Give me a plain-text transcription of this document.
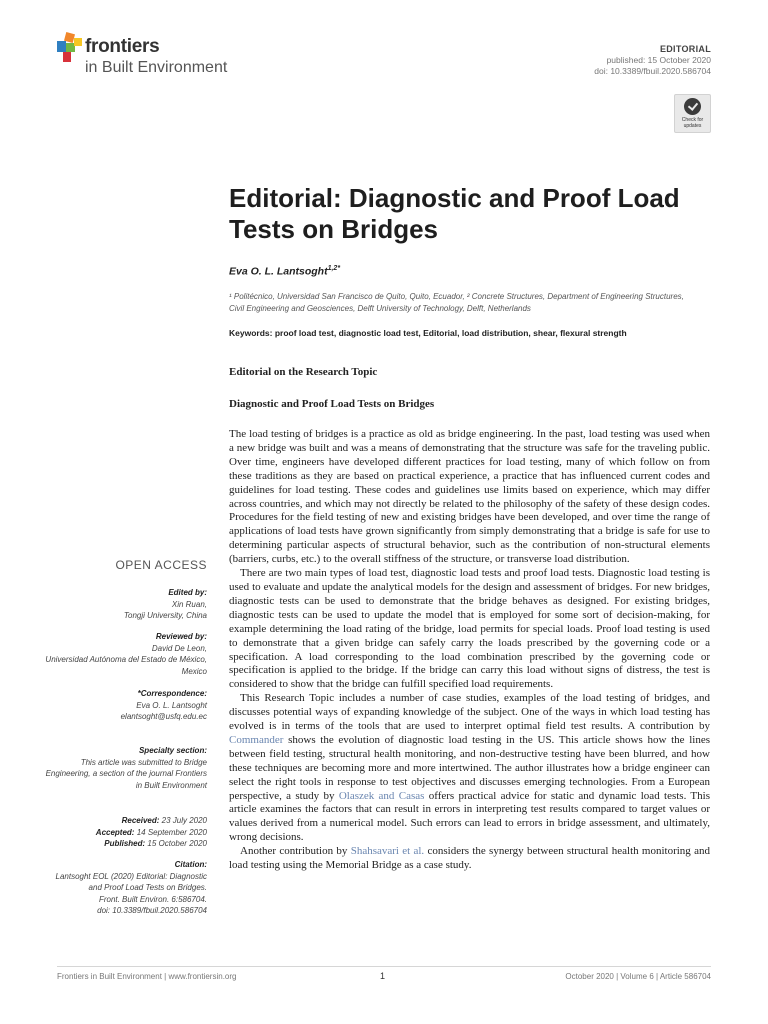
frontiers
in Built Environment
EDITORIAL
published: 15 October 2020
doi: 10.3389/fbuil.2020.586704
Check for updates
Editorial: Diagnostic and Proof Load Tests on Bridges
Eva O. L. Lantsoght$^{1,2*}$
¹ Politécnico, Universidad San Francisco de Quito, Quito, Ecuador, ² Concrete Structures, Department of Engineering Structures, Civil Engineering and Geosciences, Delft University of Technology, Delft, Netherlands
Keywords: proof load test, diagnostic load test, Editorial, load distribution, shear, flexural strength
Editorial on the Research Topic
Diagnostic and Proof Load Tests on Bridges

The load testing of bridges is a practice as old as bridge engineering. In the past, load testing was used when a new bridge was built and was a means of demonstrating that the structure was safe for the traveling public. Over time, engineers have developed different practices for load testing, many of which follow on from these traditions as they are based on practical experience, a practice that has influenced current codes and guidelines for load testing. These codes and guidelines use limits based on experience, which may differ across countries, and which may not directly be related to the philosophy of the safety of these design codes. Procedures for the field testing of new and existing bridges have been developed, and over time the range of applications of load tests have grown significantly from simply demonstrating that a bridge is safe for use to determining particular aspects of structural behavior, such as the contribution of non-structural elements (barriers, curbs, etc.) to the overall stiffness of the structure, or transverse load distribution.

There are two main types of load test, diagnostic load tests and proof load tests. Diagnostic load testing is used to evaluate and update the analytical models for the design and assessment of bridges. For new bridges, diagnostic tests can be used to demonstrate that the bridge behaves as designed. For existing bridges, diagnostic tests can be used to update the model that is employed for some sort of decision-making, for example determining the load rating of the bridge, load permits for special loads. Proof load testing is used to demonstrate that a given bridge can safely carry the loads prescribed by the governing code or a specification. A load corresponding to the load combination prescribed by the governing code or specification is applied to the bridge. If the bridge can carry this load without signs of distress, the test is considered to show that the bridge can fulfill specified load requirements.

This Research Topic includes a number of case studies, examples of the load testing of bridges, and discusses potential ways of expanding knowledge of the subject. One of the ways in which load testing has evolved is in terms of the tools that are used to interpret optimal field test results. A contribution by Commander shows the evolution of diagnostic load testing in the US. This article shows how the lines between field testing, structural health monitoring, and non-destructive testing have been blurred, and how these techniques are becoming more and more intertwined. The author illustrates how a bridge engineer can select the right tools in response to test objectives and discusses emerging technologies. From a European perspective, a study by Olaszek and Casas offers practical advice for static and dynamic load tests. This article examines the factors that can result in errors in interpreting test results compared to target values or values derived from a numerical model. Such errors can lead to errors in bridge assessment, and ultimately, wrong decisions.

Another contribution by Shahsavari et al. considers the synergy between structural health monitoring and load testing using the Memorial Bridge as a case study.

OPEN ACCESS
Edited by:
Xin Ruan,
Tongji University, China
Reviewed by:
David De Leon,
Universidad Autónoma del Estado de México, Mexico
*Correspondence:
Eva O. L. Lantsoght
elantsoght@usfq.edu.ec
Specialty section:
This article was submitted to Bridge Engineering, a section of the journal Frontiers in Built Environment
Received: 23 July 2020
Accepted: 14 September 2020
Published: 15 October 2020
Citation:
Lantsoght EOL (2020) Editorial: Diagnostic and Proof Load Tests on Bridges.
Front. Built Environ. 6:586704.
doi: 10.3389/fbuil.2020.586704
Frontiers in Built Environment | www.frontiersin.org	1	October 2020 | Volume 6 | Article 586704
